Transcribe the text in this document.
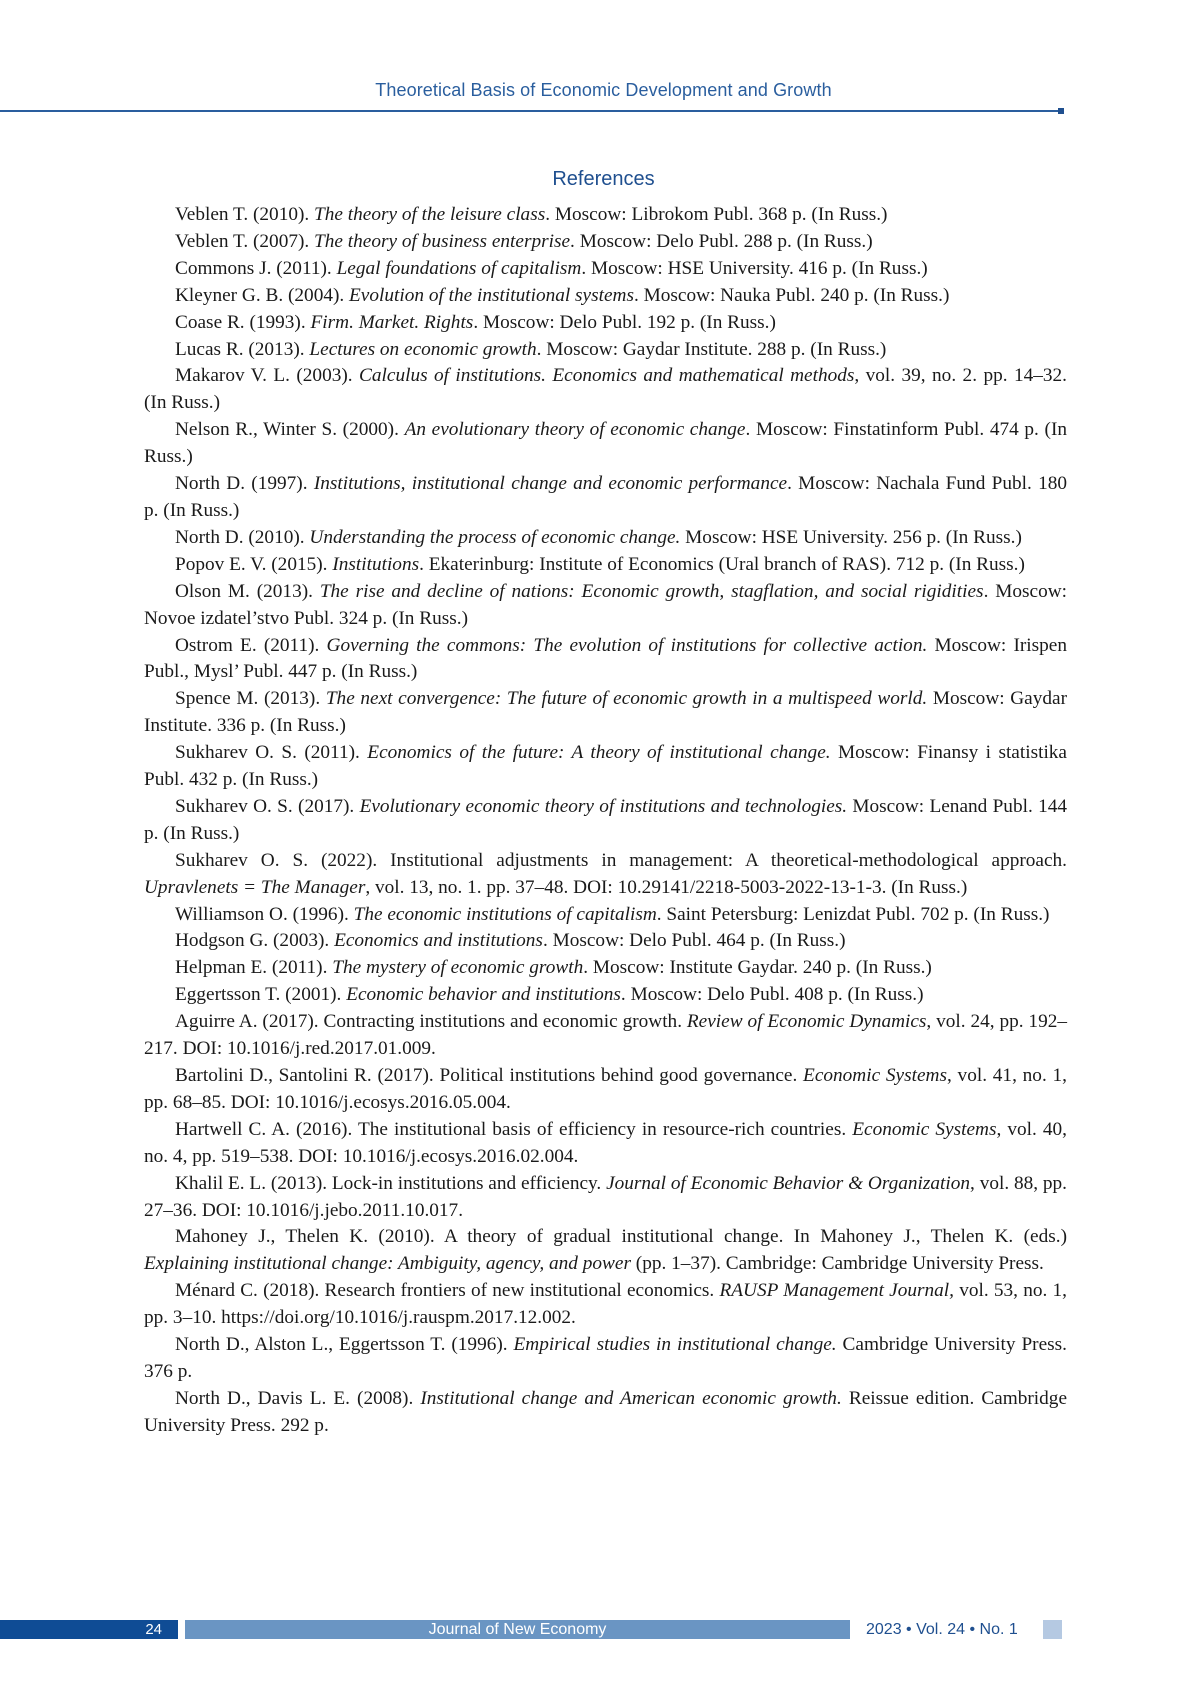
Theoretical Basis of Economic Development and Growth
References

Veblen T. (2010). The theory of the leisure class. Moscow: Librokom Publ. 368 p. (In Russ.)

Veblen T. (2007). The theory of business enterprise. Moscow: Delo Publ. 288 p. (In Russ.)

Commons J. (2011). Legal foundations of capitalism. Moscow: HSE University. 416 p. (In Russ.)

Kleyner G. B. (2004). Evolution of the institutional systems. Moscow: Nauka Publ. 240 p. (In Russ.)

Coase R. (1993). Firm. Market. Rights. Moscow: Delo Publ. 192 p. (In Russ.)

Lucas R. (2013). Lectures on economic growth. Moscow: Gaydar Institute. 288 p. (In Russ.)

Makarov V. L. (2003). Calculus of institutions. Economics and mathematical methods, vol. 39, no. 2. pp. 14–32. (In Russ.)

Nelson R., Winter S. (2000). An evolutionary theory of economic change. Moscow: Finstatinform Publ. 474 p. (In Russ.)

North D. (1997). Institutions, institutional change and economic performance. Moscow: Nachala Fund Publ. 180 p. (In Russ.)

North D. (2010). Understanding the process of economic change. Moscow: HSE University. 256 p. (In Russ.)

Popov E. V. (2015). Institutions. Ekaterinburg: Institute of Economics (Ural branch of RAS). 712 p. (In Russ.)

Olson M. (2013). The rise and decline of nations: Economic growth, stagflation, and social rigidities. Moscow: Novoe izdatel’stvo Publ. 324 p. (In Russ.)

Ostrom E. (2011). Governing the commons: The evolution of institutions for collective action. Moscow: Irispen Publ., Mysl’ Publ. 447 p. (In Russ.)

Spence M. (2013). The next convergence: The future of economic growth in a multispeed world. Moscow: Gaydar Institute. 336 p. (In Russ.)

Sukharev O. S. (2011). Economics of the future: A theory of institutional change. Moscow: Finansy i statistika Publ. 432 p. (In Russ.)

Sukharev O. S. (2017). Evolutionary economic theory of institutions and technologies. Moscow: Lenand Publ. 144 p. (In Russ.)

Sukharev O. S. (2022). Institutional adjustments in management: A theoretical-methodological approach. Upravlenets = The Manager, vol. 13, no. 1. pp. 37–48. DOI: 10.29141/2218-5003-2022-13-1-3. (In Russ.)

Williamson O. (1996). The economic institutions of capitalism. Saint Petersburg: Lenizdat Publ. 702 p. (In Russ.)

Hodgson G. (2003). Economics and institutions. Moscow: Delo Publ. 464 p. (In Russ.)

Helpman E. (2011). The mystery of economic growth. Moscow: Institute Gaydar. 240 p. (In Russ.)

Eggertsson T. (2001). Economic behavior and institutions. Moscow: Delo Publ. 408 p. (In Russ.)

Aguirre A. (2017). Contracting institutions and economic growth. Review of Economic Dynamics, vol. 24, pp. 192–217. DOI: 10.1016/j.red.2017.01.009.

Bartolini D., Santolini R. (2017). Political institutions behind good governance. Economic Systems, vol. 41, no. 1, pp. 68–85. DOI: 10.1016/j.ecosys.2016.05.004.

Hartwell C. A. (2016). The institutional basis of efficiency in resource-rich countries. Economic Systems, vol. 40, no. 4, pp. 519–538. DOI: 10.1016/j.ecosys.2016.02.004.

Khalil E. L. (2013). Lock-in institutions and efficiency. Journal of Economic Behavior & Organization, vol. 88, pp. 27–36. DOI: 10.1016/j.jebo.2011.10.017.

Mahoney J., Thelen K. (2010). A theory of gradual institutional change. In Mahoney J., Thelen K. (eds.) Explaining institutional change: Ambiguity, agency, and power (pp. 1–37). Cambridge: Cambridge University Press.

Ménard C. (2018). Research frontiers of new institutional economics. RAUSP Management Journal, vol. 53, no. 1, pp. 3–10. https://doi.org/10.1016/j.rauspm.2017.12.002.

North D., Alston L., Eggertsson T. (1996). Empirical studies in institutional change. Cambridge University Press. 376 p.

North D., Davis L. E. (2008). Institutional change and American economic growth. Reissue edition. Cambridge University Press. 292 p.

24	Journal of New Economy	2023 • Vol. 24 • No. 1
